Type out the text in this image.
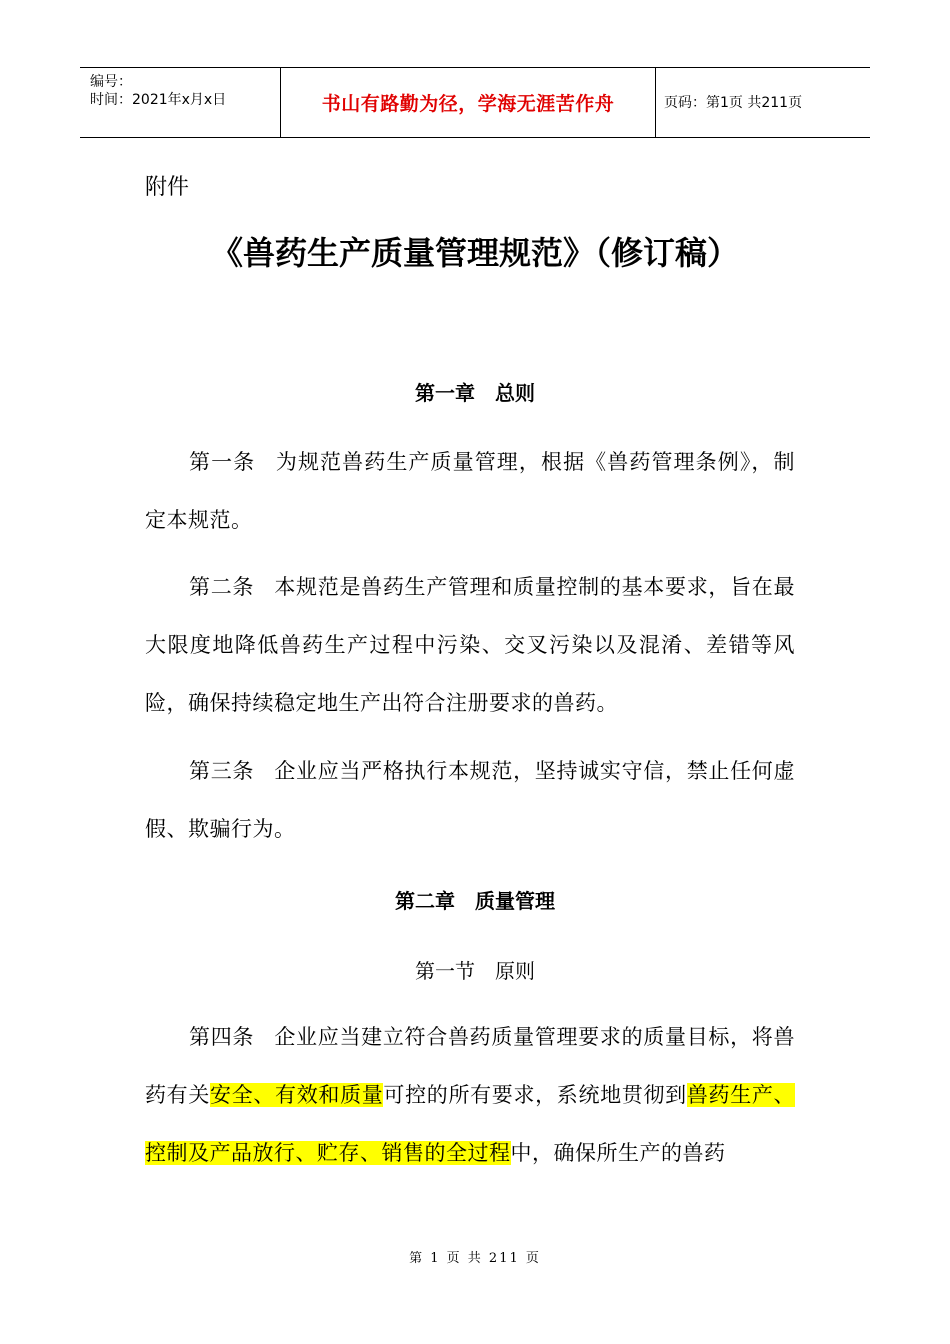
编号：
时间：2021年x月x日	书山有路勤为径，学海无涯苦作舟	页码：第1页 共211页
附件
《兽药生产质量管理规范》（修订稿）
第一章 总则
第一条 为规范兽药生产质量管理，根据《兽药管理条例》，制定本规范。
第二条 本规范是兽药生产管理和质量控制的基本要求，旨在最大限度地降低兽药生产过程中污染、交叉污染以及混淆、差错等风险，确保持续稳定地生产出符合注册要求的兽药。
第三条 企业应当严格执行本规范，坚持诚实守信，禁止任何虚假、欺骗行为。
第二章 质量管理
第一节 原则
第四条 企业应当建立符合兽药质量管理要求的质量目标，将兽药有关安全、有效和质量可控的所有要求，系统地贯彻到兽药生产、控制及产品放行、贮存、销售的全过程中，确保所生产的兽药
第 1 页 共 211 页
